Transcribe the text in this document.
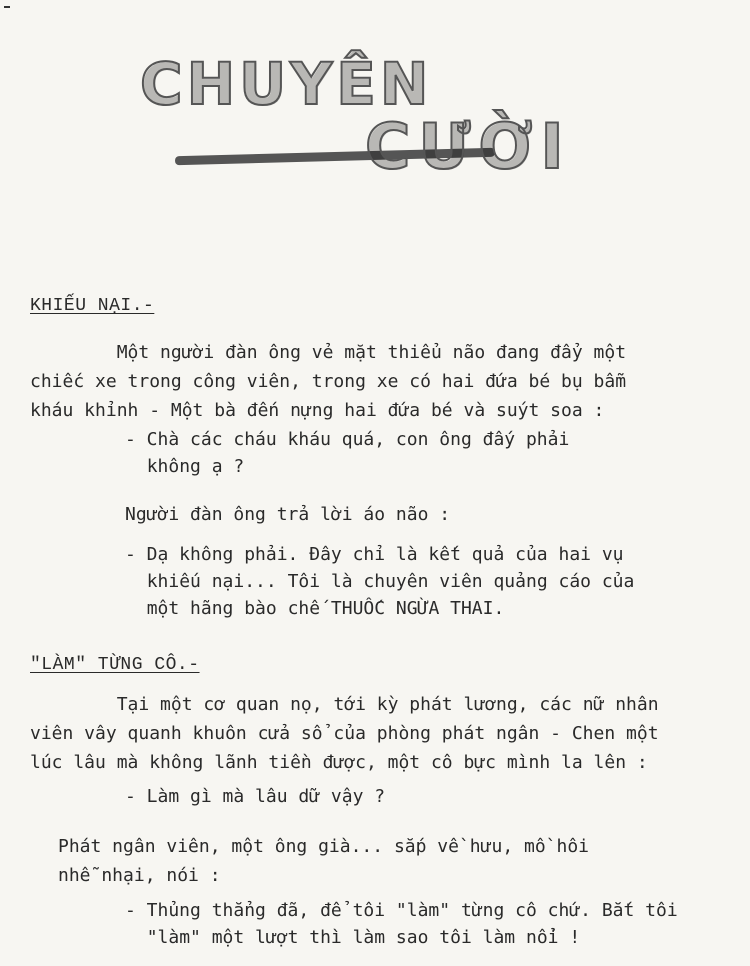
CHUYÊN
CƯỜI
KHIẾU NẠI.-
Một người đàn ông vẻ mặt thiểu não đang đẩy một
chiếc xe trong công viên, trong xe có hai đứa bé bụ bẫm
kháu khỉnh - Một bà đến nựng hai đứa bé và suýt soa :
- Chà các cháu kháu quá, con ông đấy phải
không ạ ?
Người đàn ông trả lời áo não :
- Dạ không phải. Đây chỉ là kết quả của hai vụ
khiếu nại... Tôi là chuyên viên quảng cáo của
một hãng bào chế THUỐC NGỪA THAI.
"LÀM" TỪNG CÔ.-
Tại một cơ quan nọ, tới kỳ phát lương, các nữ nhân
viên vây quanh khuôn cửa sổ của phòng phát ngân - Chen một
lúc lâu mà không lãnh tiền được, một cô bực mình la lên :
- Làm gì mà lâu dữ vậy ?
Phát ngân viên, một ông già... sắp về hưu, mồ hôi
nhễ nhại, nói :
- Thủng thẳng đã, để tôi "làm" từng cô chứ. Bắt tôi
"làm" một lượt thì làm sao tôi làm nổi !
